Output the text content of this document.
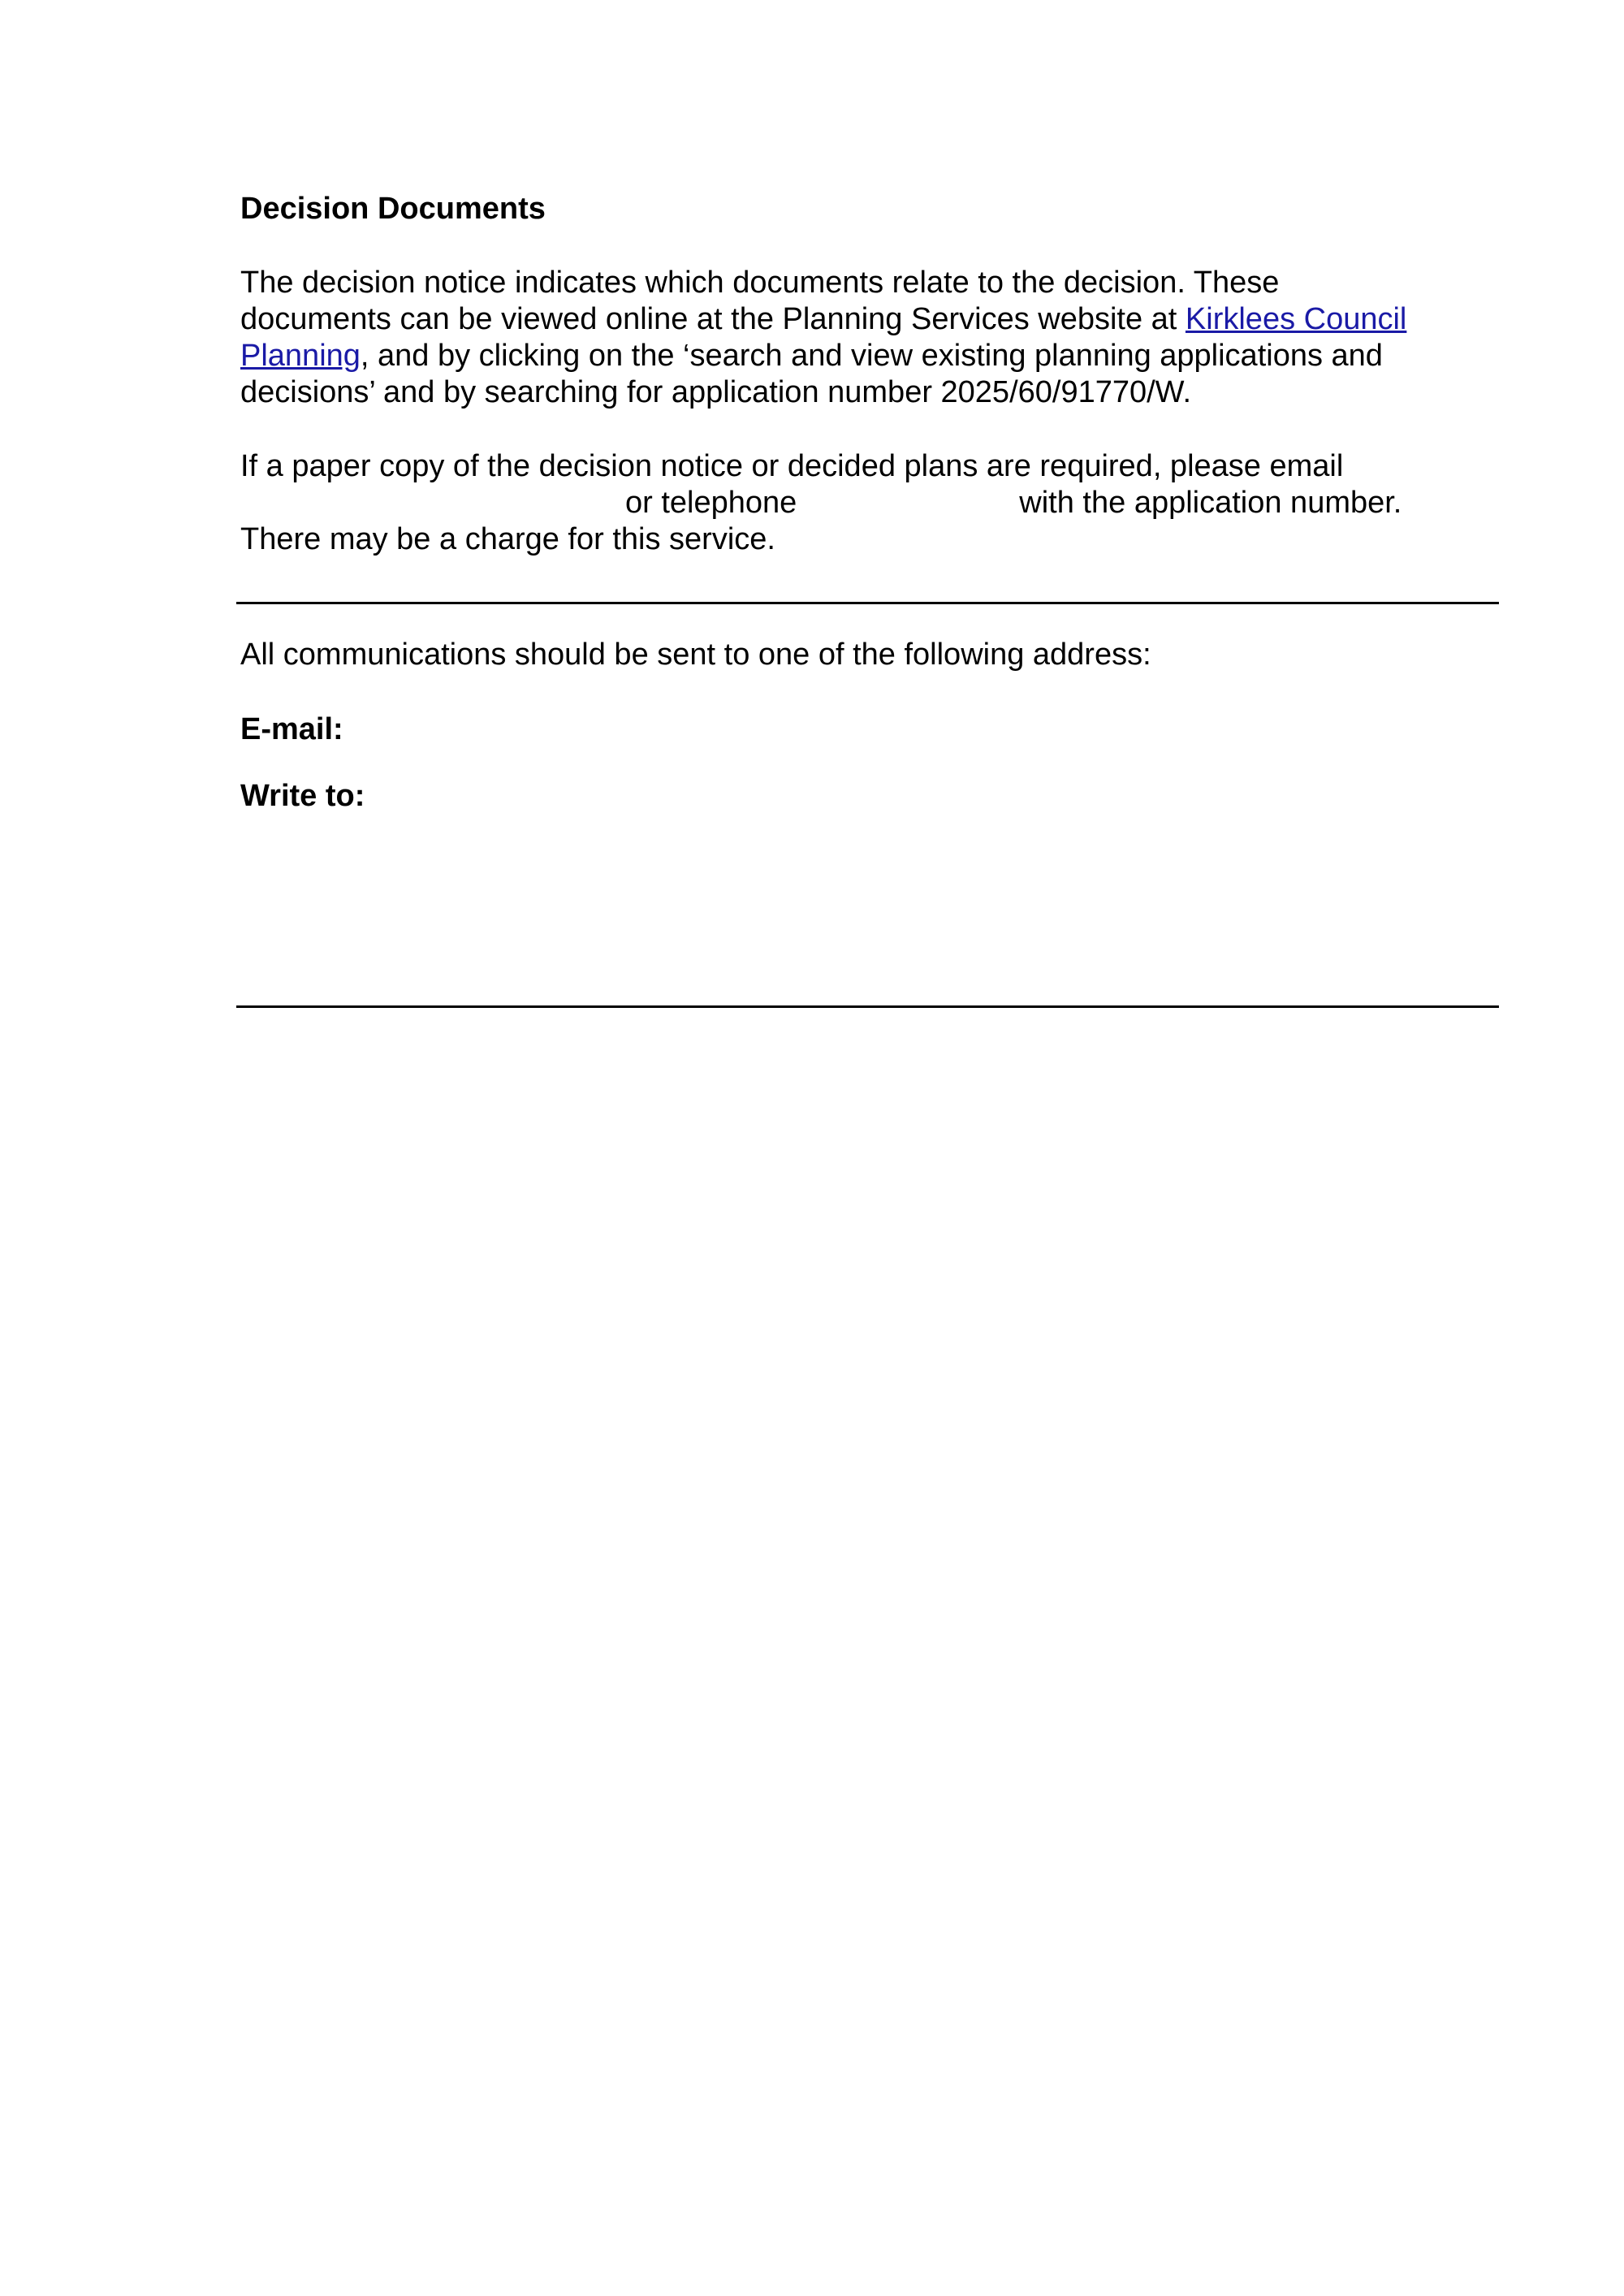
Decision Documents
The decision notice indicates which documents relate to the decision. These
documents can be viewed online at the Planning Services website at Kirklees Council
Planning, and by clicking on the ‘search and view existing planning applications and
decisions’ and by searching for application number 2025/60/91770/W.
If a paper copy of the decision notice or decided plans are required, please email
or telephone	with the application number.
There may be a charge for this service.
All communications should be sent to one of the following address:
E-mail:
Write to:
